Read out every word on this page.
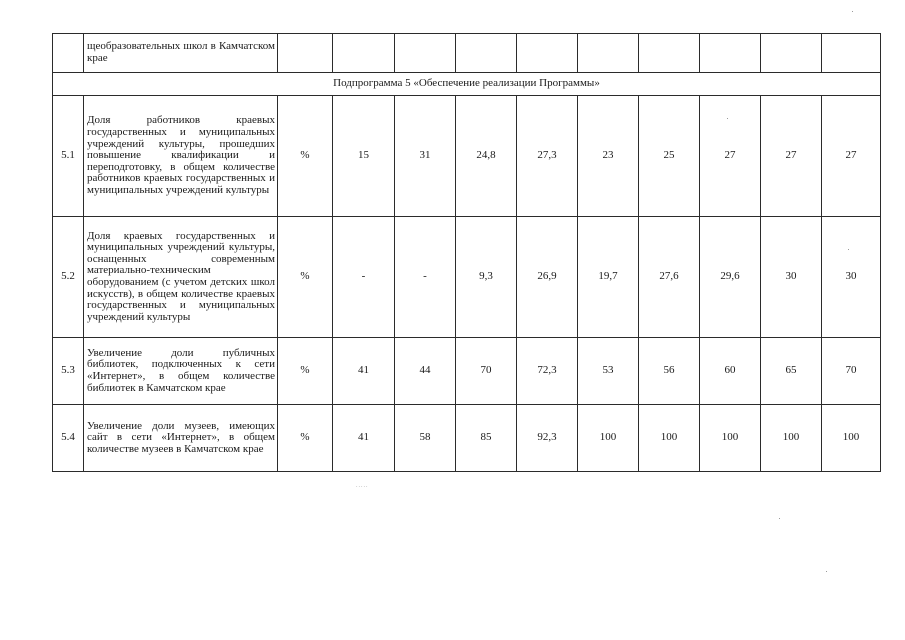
	щеобразовательных школ в Камчатском крае										
Подпрограмма 5 «Обеспечение реализации Программы»											
5.1	Доля работников краевых государственных и муниципальных учреждений культуры, прошедших повышение квалификации и переподготовку, в общем количестве работников краевых государственных и муниципальных учреждений культуры	%	15	31	24,8	27,3	23	25	27	27	27
5.2	Доля краевых государственных и муниципальных учреждений культуры, оснащенных современным материально-техническим оборудованием (с учетом детских школ искусств), в общем количестве краевых государственных и муниципальных учреждений культуры	%	-	-	9,3	26,9	19,7	27,6	29,6	30	30
5.3	Увеличение доли публичных библиотек, подключенных к сети «Интернет», в общем количестве библиотек в Камчатском крае	%	41	44	70	72,3	53	56	60	65	70
5.4	Увеличение доли музеев, имеющих сайт в сети «Интернет», в общем количестве музеев в Камчатском крае	%	41	58	85	92,3	100	100	100	100	100
.....
